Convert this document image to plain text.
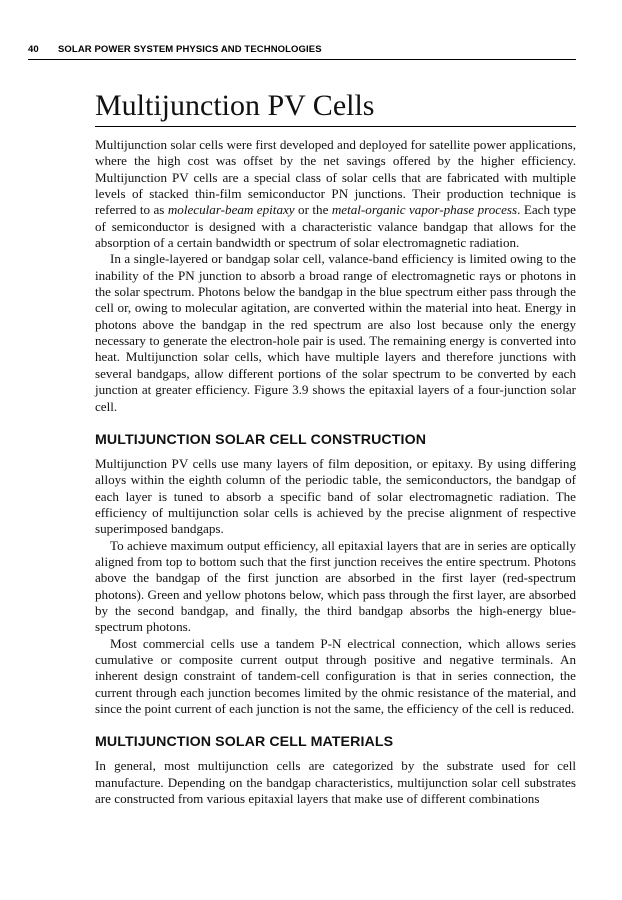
40 SOLAR POWER SYSTEM PHYSICS AND TECHNOLOGIES
Multijunction PV Cells

Multijunction solar cells were first developed and deployed for satellite power applications, where the high cost was offset by the net savings offered by the higher efficiency. Multijunction PV cells are a special class of solar cells that are fabricated with multiple levels of stacked thin-film semiconductor PN junctions. Their production technique is referred to as molecular-beam epitaxy or the metal-organic vapor-phase process. Each type of semiconductor is designed with a characteristic valance bandgap that allows for the absorption of a certain bandwidth or spectrum of solar electromagnetic radiation.

In a single-layered or bandgap solar cell, valance-band efficiency is limited owing to the inability of the PN junction to absorb a broad range of electromagnetic rays or photons in the solar spectrum. Photons below the bandgap in the blue spectrum either pass through the cell or, owing to molecular agitation, are converted within the material into heat. Energy in photons above the bandgap in the red spectrum are also lost because only the energy necessary to generate the electron-hole pair is used. The remaining energy is converted into heat. Multijunction solar cells, which have multiple layers and therefore junctions with several bandgaps, allow different portions of the solar spectrum to be converted by each junction at greater efficiency. Figure 3.9 shows the epitaxial layers of a four-junction solar cell.

MULTIJUNCTION SOLAR CELL CONSTRUCTION

Multijunction PV cells use many layers of film deposition, or epitaxy. By using differing alloys within the eighth column of the periodic table, the semiconductors, the bandgap of each layer is tuned to absorb a specific band of solar electromagnetic radiation. The efficiency of multijunction solar cells is achieved by the precise alignment of respective superimposed bandgaps.

To achieve maximum output efficiency, all epitaxial layers that are in series are optically aligned from top to bottom such that the first junction receives the entire spectrum. Photons above the bandgap of the first junction are absorbed in the first layer (red-spectrum photons). Green and yellow photons below, which pass through the first layer, are absorbed by the second bandgap, and finally, the third bandgap absorbs the high-energy blue-spectrum photons.

Most commercial cells use a tandem P-N electrical connection, which allows series cumulative or composite current output through positive and negative terminals. An inherent design constraint of tandem-cell configuration is that in series connection, the current through each junction becomes limited by the ohmic resistance of the material, and since the point current of each junction is not the same, the efficiency of the cell is reduced.

MULTIJUNCTION SOLAR CELL MATERIALS

In general, most multijunction cells are categorized by the substrate used for cell manufacture. Depending on the bandgap characteristics, multijunction solar cell substrates are constructed from various epitaxial layers that make use of different combinations
